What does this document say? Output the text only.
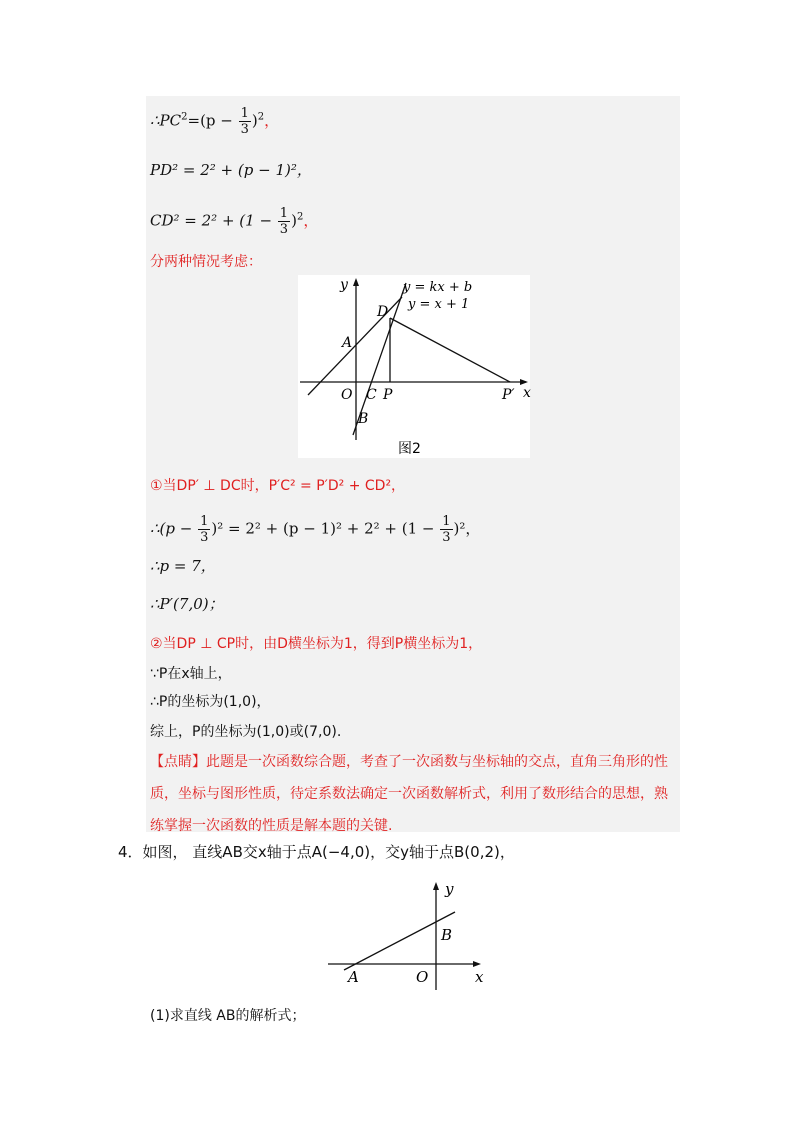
$\therefore PC^2=(p - \frac{1}{3} )^2$，
PD² = 2² + (p − 1)²，
$CD^2 = 2^2 + (1 - \frac{1}{3} )^2$，
分两种情况考虑：
y
x
y = kx + b
y = x + 1
D
A
O C P	P′
B
图2
①当DP′ ⊥ DC时，P′C² = P′D² + CD²，
∴(p − $\frac{1}{3} )^2 = 2^2 + (p - 1)^2 + 2^2 + (1 - \frac{1}{3} )^2$，
∴p = 7，
∴P′(7,0)；
②当DP ⊥ CP时，由D横坐标为1，得到P横坐标为1，
∵P在x轴上，
∴P的坐标为(1,0)，
综上，P的坐标为(1,0)或(7,0).
【点睛】此题是一次函数综合题，考查了一次函数与坐标轴的交点，直角三角形的性质，坐标与图形性质，待定系数法确定一次函数解析式，利用了数形结合的思想，熟练掌握一次函数的性质是解本题的关键.
4．如图， 直线AB交x轴于点A(−4,0)，交y轴于点B(0,2)，
y
x
A	O
B
(1)求直线 AB的解析式；
